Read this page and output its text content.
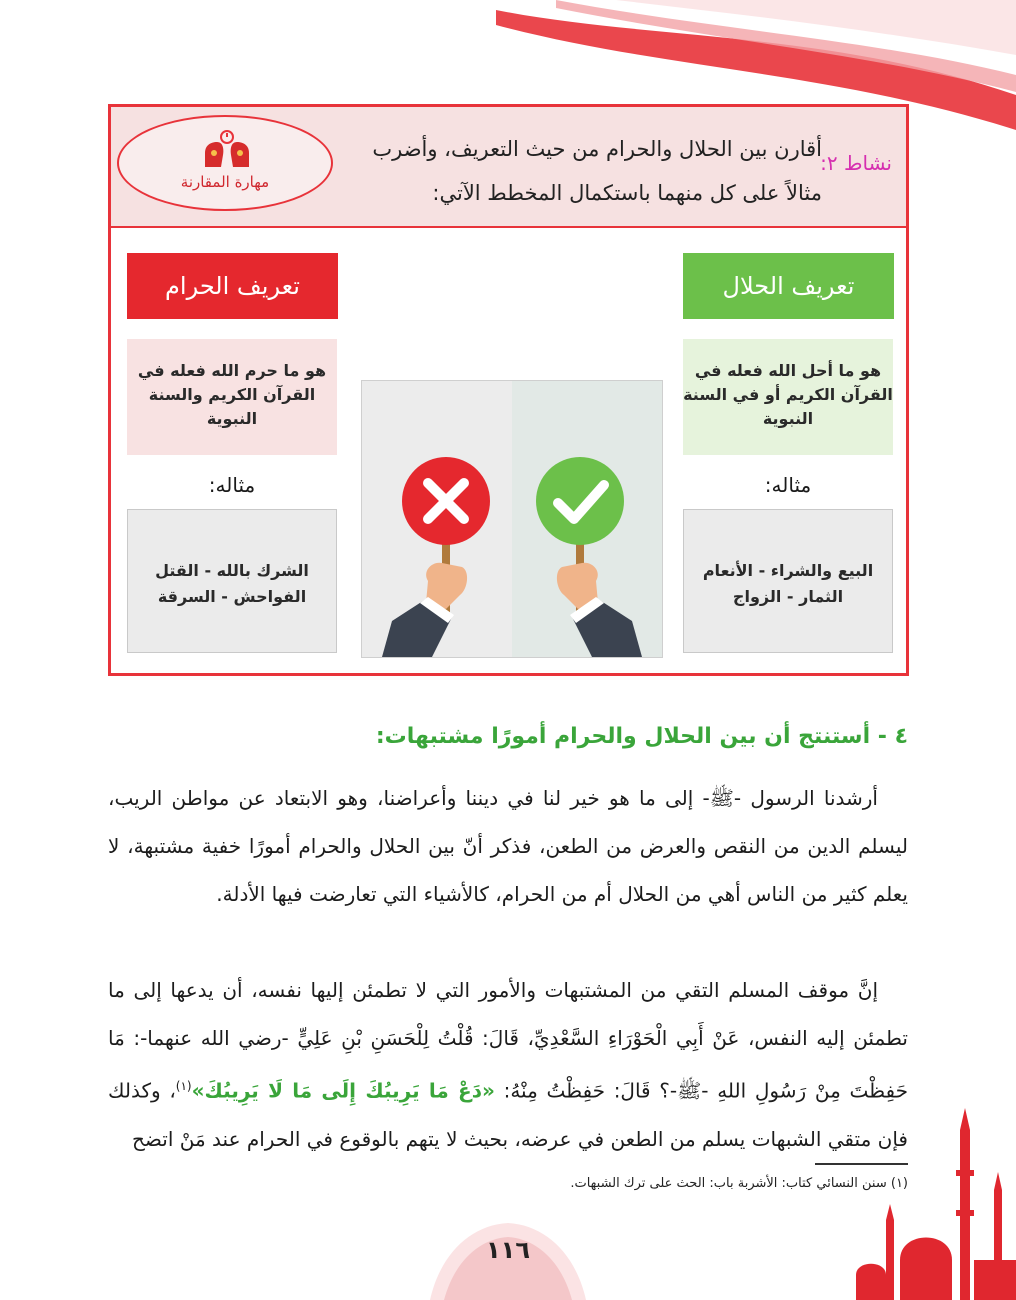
مهارة المقارنة
نشاط ٢:
أقارن بين الحلال والحرام من حيث التعريف، وأضرب
مثالاً على كل منهما باستكمال المخطط الآتي:
تعريف الحلال
هو ما أحل الله فعله في القرآن الكريم أو في السنة النبوية
مثاله:
البيع والشراء - الأنعام الثمار - الزواج
تعريف الحرام
هو ما حرم الله فعله في القرآن الكريم والسنة النبوية
مثاله:
الشرك بالله - القتل الفواحش - السرقة
٤ - أستنتج أن بين الحلال والحرام أمورًا مشتبهات:
أرشدنا الرسول -ﷺ- إلى ما هو خير لنا في ديننا وأعراضنا، وهو الابتعاد عن مواطن الريب، ليسلم الدين من النقص والعرض من الطعن، فذكر أنّ بين الحلال والحرام أمورًا خفية مشتبهة، لا يعلم كثير من الناس أهي من الحلال أم من الحرام، كالأشياء التي تعارضت فيها الأدلة.
إنَّ موقف المسلم التقي من المشتبهات والأمور التي لا تطمئن إليها نفسه، أن يدعها إلى ما تطمئن إليه النفس، عَنْ أَبِي الْحَوْرَاءِ السَّعْدِيِّ، قَالَ: قُلْتُ لِلْحَسَنِ بْنِ عَلِيٍّ -رضي الله عنهما-: مَا حَفِظْتَ مِنْ رَسُولِ اللهِ -ﷺ-؟ قَالَ: حَفِظْتُ مِنْهُ: «دَعْ مَا يَرِيبُكَ إِلَى مَا لَا يَرِيبُكَ»$^{(١)}$، وكذلك فإن متقي الشبهات يسلم من الطعن في عرضه، بحيث لا يتهم بالوقوع في الحرام عند مَنْ اتضح
(١) سنن النسائي كتاب: الأشربة باب: الحث على ترك الشبهات.
١١٦
